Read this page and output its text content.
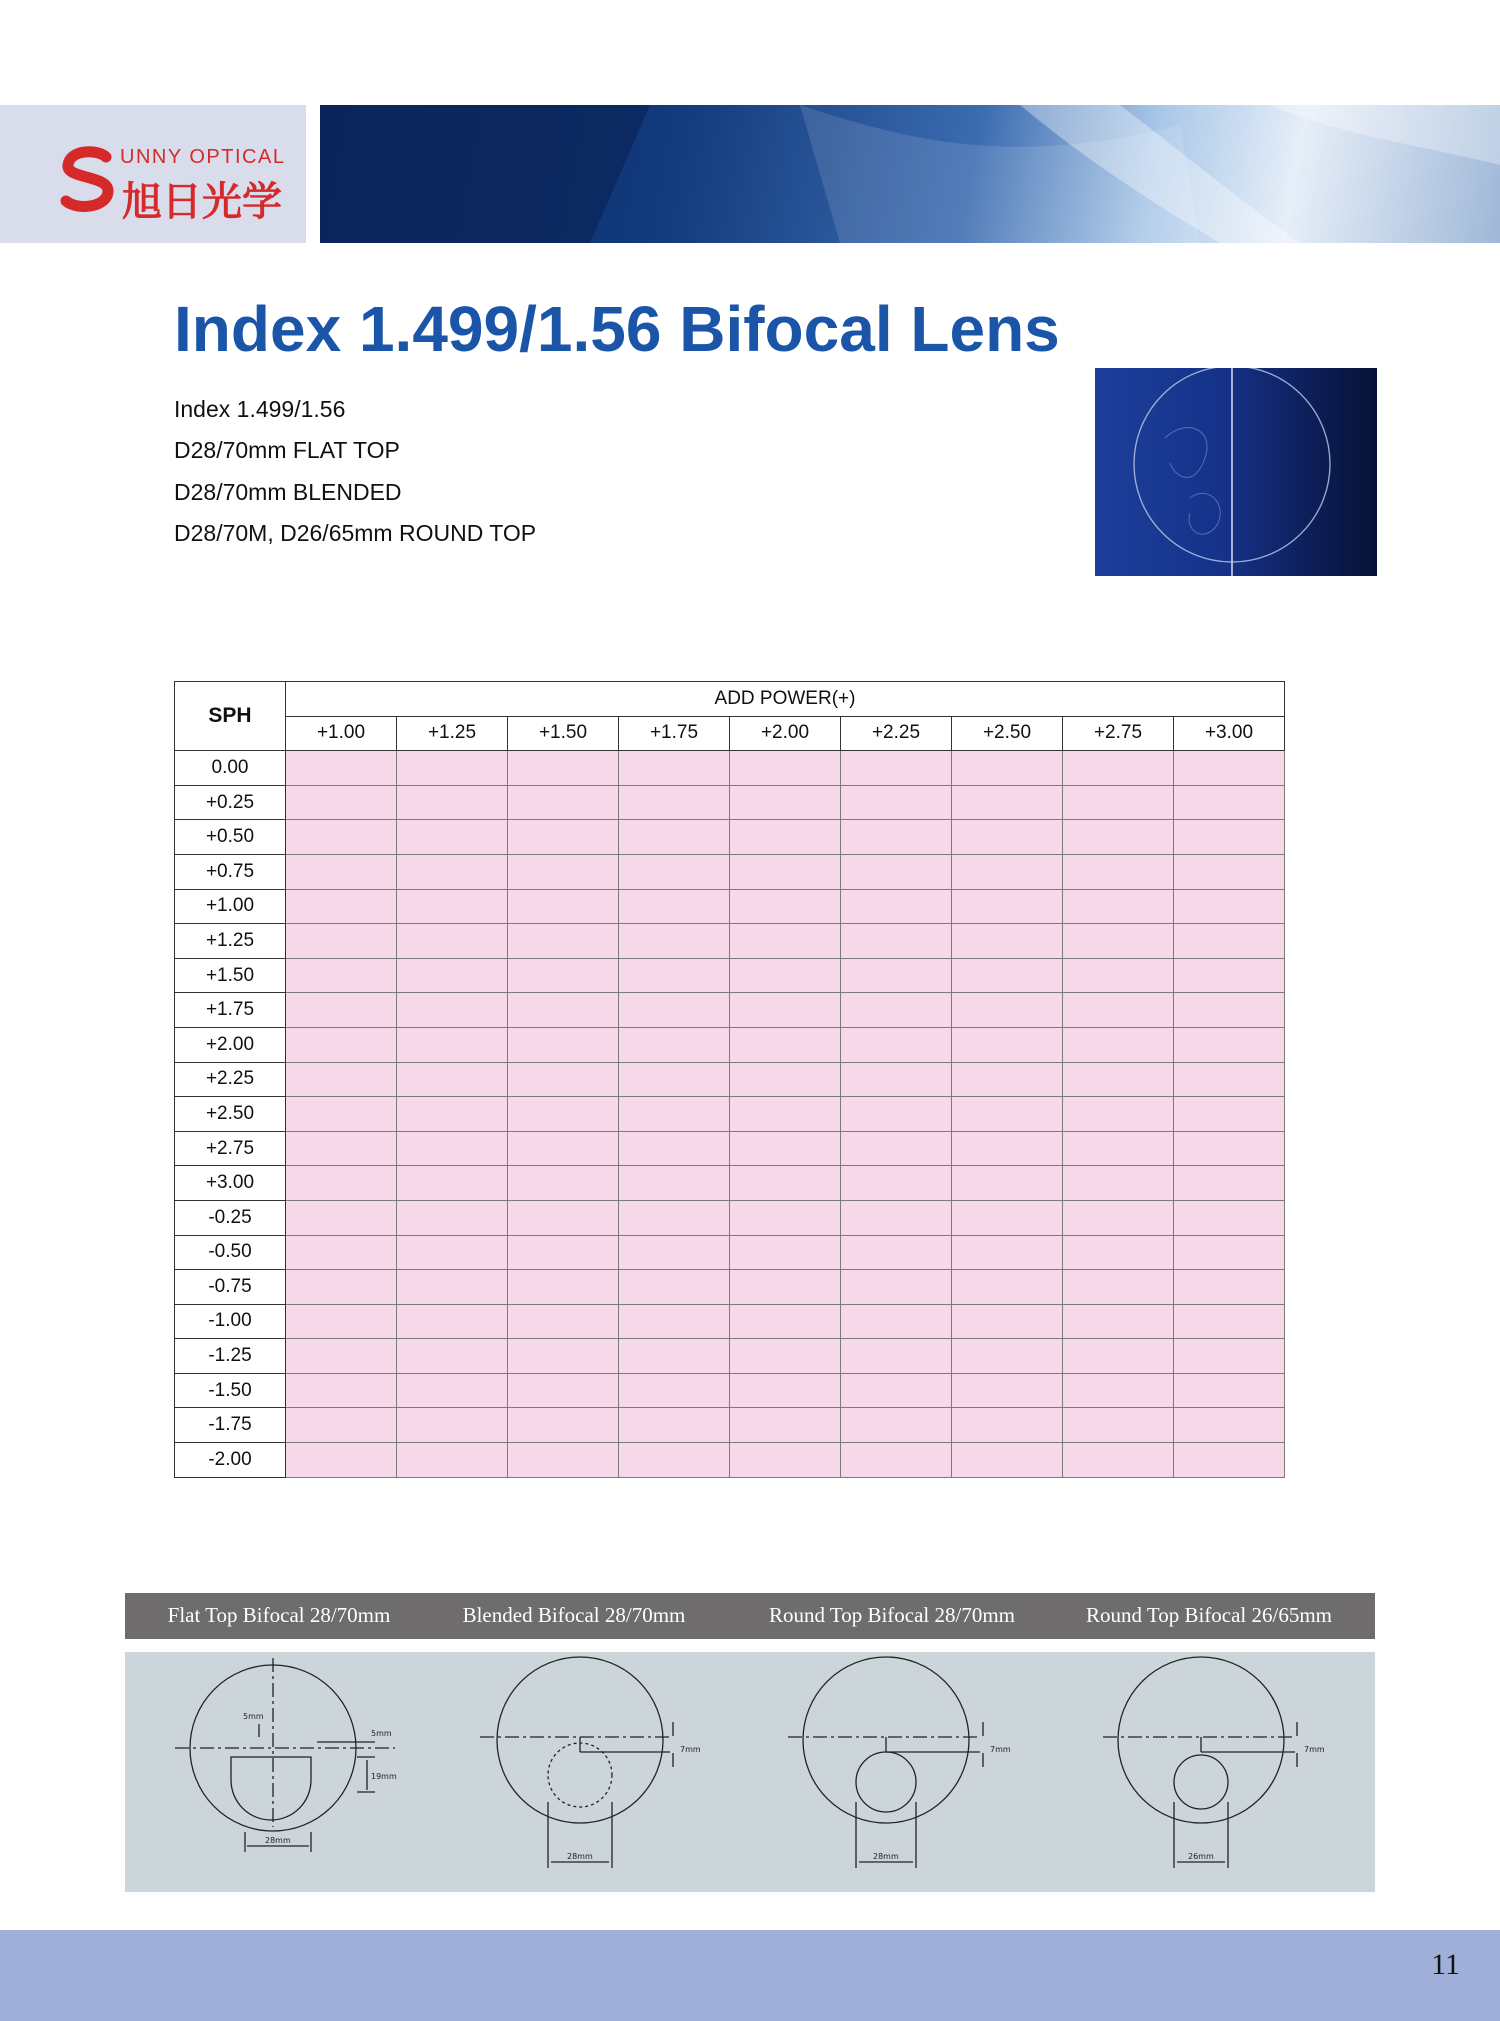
UNNY OPTICAL
旭日光学
Index 1.499/1.56 Bifocal Lens
Index 1.499/1.56
D28/70mm FLAT TOP
D28/70mm BLENDED
D28/70M, D26/65mm ROUND TOP
SPH	ADD POWER(+)								
	+1.00	+1.25	+1.50	+1.75	+2.00	+2.25	+2.50	+2.75	+3.00
0.00									
+0.25									
+0.50									
+0.75									
+1.00									
+1.25									
+1.50									
+1.75									
+2.00									
+2.25									
+2.50									
+2.75									
+3.00									
-0.25									
-0.50									
-0.75									
-1.00									
-1.25									
-1.50									
-1.75									
-2.00									
Flat Top Bifocal 28/70mm	Blended Bifocal 28/70mm	Round Top Bifocal 28/70mm	Round Top Bifocal 26/65mm
5mm
5mm
19mm
28mm
7mm
28mm
7mm
28mm
7mm
26mm
11
